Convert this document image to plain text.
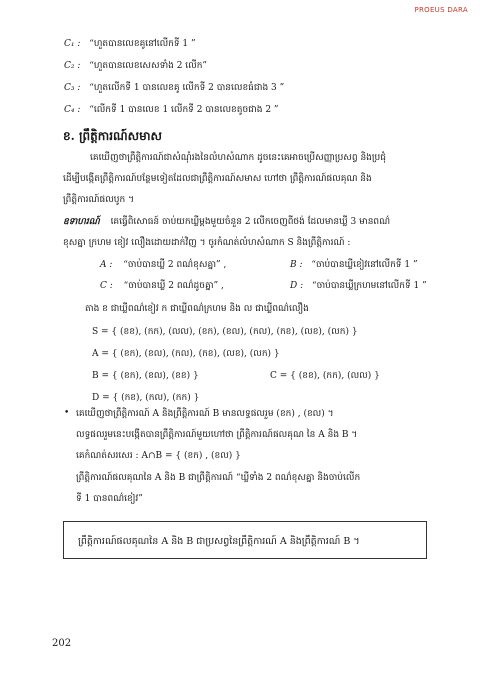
PROEUS DARA
C₁ : “ហួតបានលេខគូនៅលើកទី 1 ”
C₂ : “ហួតបានលេខសេសទាំង 2 លើក”
C₃ : “ហួតលើកទី 1 បានលេខគូ លើកទី 2 បានលេខធំជាង 3 ”
C₄ : “លើកទី 1 បានលេខ 1 លើកទី 2 បានលេខតូចជាង 2 ”
ខ. ព្រឹត្តិការណ៍សមាស
គេឃើញថាព្រឹត្តិការណ៍ជាសំណុំរងនៃលំហសំណាក ដូចនេះគេអាចប្រើសញ្ញាប្រសព្វ និងប្រជុំ
ដើម្បីបង្កើតព្រឹត្តិការណ៍បន្ថែមទៀតដែលជាព្រឹត្តិការណ៍សមាស ហៅថា ព្រឹត្តិការណ៍ផលគុណ និង
ព្រឹត្តិការណ៍ផលបូក ។
ឧទាហរណ៍ គេធ្វើពិសោធន៍ ចាប់យកឃ្លីម្តងមួយចំនួន 2 លើកចេញពីថង់ ដែលមានឃ្លី 3 មានពណ៌
ខុសគ្នា ក្រហម ខៀវ លឿងដោយដាក់វិញ ។ ចូរកំណត់លំហសំណាក S និងព្រឹត្តិការណ៍ :
A : “ចាប់បានឃ្លី 2 ពណ៌ខុសគ្នា” ,	B : “ចាប់បានឃ្លីខៀវនៅលើកទី 1 ”
C : “ចាប់បានឃ្លី 2 ពណ៌ដូចគ្នា” ,	D : “ចាប់បានឃ្លីក្រហមនៅលើកទី 1 ”
តាង ខ ជាឃ្លីពណ៌ខៀវ ក ជាឃ្លីពណ៌ក្រហម និង ល ជាឃ្លីពណ៌លឿង
S = { (ខខ), (កក), (លល), (ខក), (ខល), (កល), (កខ), (លខ), (លក) }
A = { (ខក), (ខល), (កល), (កខ), (លខ), (លក) }
B = { (ខក), (ខល), (ខខ) }	C = { (ខខ), (កក), (លល) }
D = { (កខ), (កល), (កក) }
• គេឃើញថាព្រឹត្តិការណ៍ A និងព្រឹត្តិការណ៍ B មានលទ្ធផលរួម (ខក) , (ខល) ។
លទ្ធផលរួមនេះបង្កើតបានព្រឹត្តិការណ៍មួយហៅថា ព្រឹត្តិការណ៍ផលគុណ នៃ A និង B ។
គេកំណត់សរសេរ : A∩B = { (ខក) , (ខល) }
ព្រឹត្តិការណ៍ផលគុណនៃ A និង B ជាព្រឹត្តិការណ៍ “ឃ្លីទាំង 2 ពណ៌ខុសគ្នា និងចាប់លើក
ទី 1 បានពណ៌ខៀវ”
ព្រឹត្តិការណ៍ផលគុណនៃ A និង B ជាប្រសព្វនៃព្រឹត្តិការណ៍ A និងព្រឹត្តិការណ៍ B ។
202
